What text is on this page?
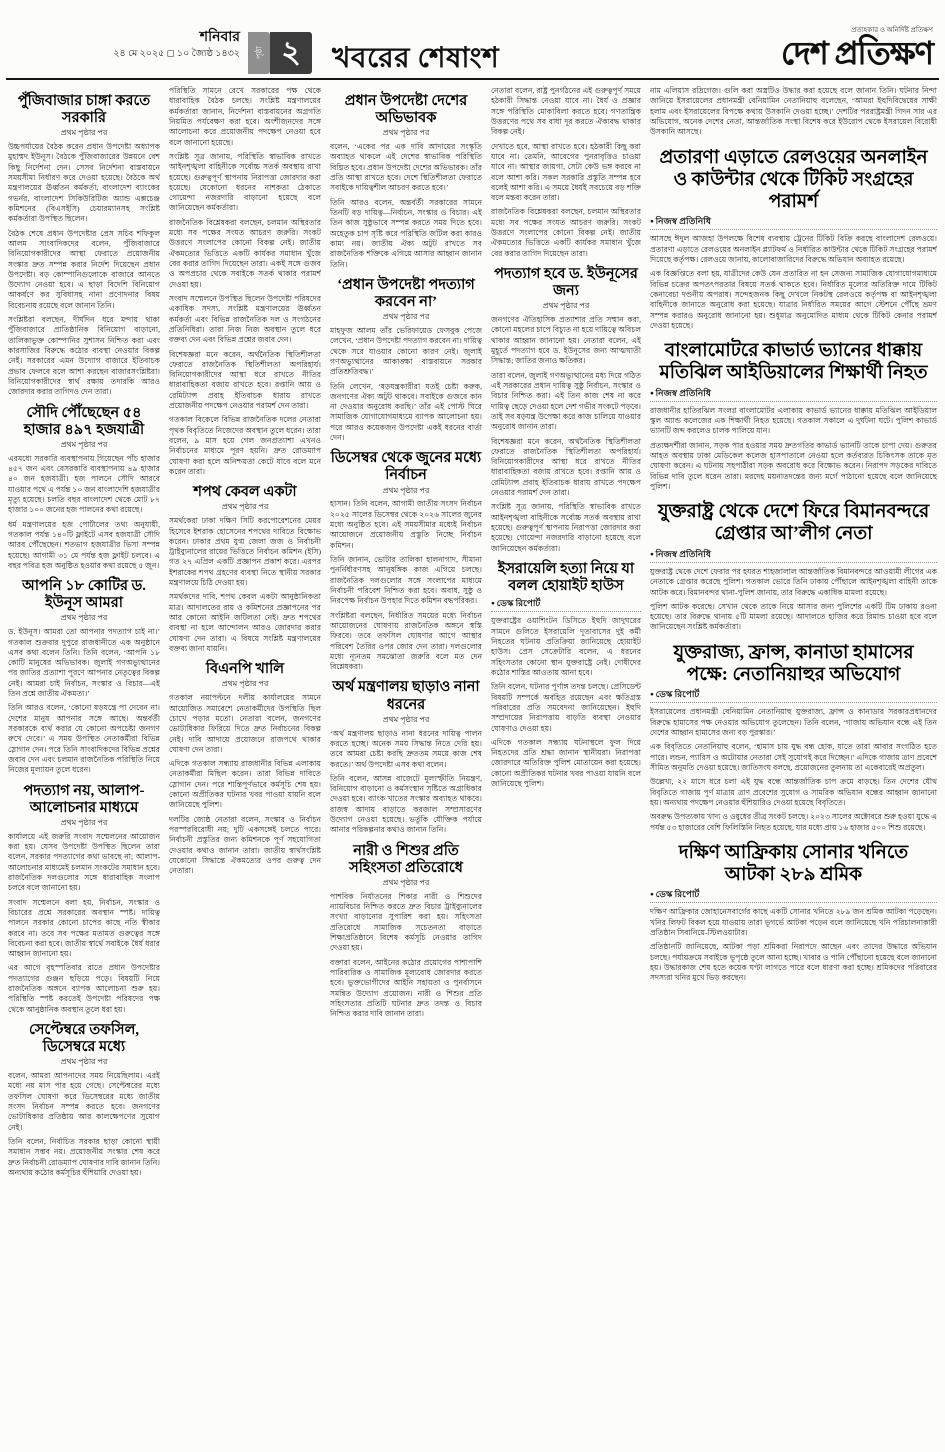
শনিবার
২৪ মে ২০২৫ ◻ ১০ জ্যৈষ্ঠ ১৪৩২	পৃষ্ঠা ২	খবরের শেষাংশ
প্রত্যহকার ও অনির্দিষ্ট প্রতিক্ষণ
দেশ প্রতিক্ষণ
পুঁজিবাজার চাঙ্গা করতে সরকারি
প্রথম পৃষ্ঠার পর
উচ্চপর্যায়ের বৈঠক করেন প্রধান উপদেষ্টা অধ্যাপক মুহাম্মদ ইউনূস। বৈঠকে পুঁজিবাজারের উন্নয়নে বেশ কিছু নির্দেশনা দেন। সেসব নির্দেশনা বাস্তবায়নে সময়সীমা নির্ধারণ করে দেওয়া হয়েছে। বৈঠকে অর্থ মন্ত্রণালয়ের ঊর্ধ্বতন কর্মকর্তা, বাংলাদেশ ব্যাংকের গভর্নর, বাংলাদেশ সিকিউরিটিজ অ্যান্ড এক্সচেঞ্জ কমিশনের (বিএসইসি) চেয়ারম্যানসহ সংশ্লিষ্ট কর্মকর্তারা উপস্থিত ছিলেন।
বৈঠক শেষে প্রধান উপদেষ্টার প্রেস সচিব শফিকুল আলম সাংবাদিকদের বলেন, পুঁজিবাজারে বিনিয়োগকারীদের আস্থা ফেরাতে প্রয়োজনীয় সংস্কার দ্রুত সম্পন্ন করার নির্দেশ দিয়েছেন প্রধান উপদেষ্টা। বড় কোম্পানিগুলোকে বাজারে আনতে উদ্যোগ নেওয়া হবে। এ ছাড়া বিদেশি বিনিয়োগ আকর্ষণে কর সুবিধাসহ নানা প্রণোদনার বিষয় বিবেচনায় রয়েছে বলে জানান তিনি।
সংশ্লিষ্টরা বলছেন, দীর্ঘদিন ধরে মন্দায় থাকা পুঁজিবাজারে প্রাতিষ্ঠানিক বিনিয়োগ বাড়ানো, তালিকাভুক্ত কোম্পানির সুশাসন নিশ্চিত করা এবং কারসাজির বিরুদ্ধে কঠোর ব্যবস্থা নেওয়ার বিকল্প নেই। সরকারের এমন উদ্যোগ বাজারে ইতিবাচক প্রভাব ফেলবে বলে আশা করছেন বাজারসংশ্লিষ্টরা। বিনিয়োগকারীদের স্বার্থ রক্ষায় তদারকি আরও জোরদার করার তাগিদও দেন তারা।
সৌদি পৌঁছেছেন ৫৪ হাজার ৪৯৭ হজযাত্রী
প্রথম পৃষ্ঠার পর
এরমধ্যে সরকারি ব্যবস্থাপনায় গিয়েছেন পাঁচ হাজার ৪৫৭ জন এবং বেসরকারি ব্যবস্থাপনায় ৪৯ হাজার ৪০ জন হজযাত্রী। হজ পালনে সৌদি আরবে যাওয়ার পথে এ পর্যন্ত ১০ জন বাংলাদেশি হজযাত্রীর মৃত্যু হয়েছে। চলতি বছর বাংলাদেশ থেকে মোট ৮৭ হাজার ১০০ জনের হজ পালনের কথা রয়েছে।
ধর্ম মন্ত্রণালয়ের হজ পোর্টালের তথ্য অনুযায়ী, গতকাল পর্যন্ত ১৪০টি ফ্লাইটে এসব হজযাত্রী সৌদি আরব পৌঁছেছেন। শতভাগ হজযাত্রীর ভিসা সম্পন্ন হয়েছে। আগামী ৩১ মে পর্যন্ত হজ ফ্লাইট চলবে। এ বছর পবিত্র হজ অনুষ্ঠিত হওয়ার কথা রয়েছে ৫ জুন।
আপনি ১৮ কোটির ড. ইউনূস আমরা
প্রথম পৃষ্ঠার পর
ড. ইউনূস। আমরা তো আপনার পদত্যাগ চাই না।’ গতকাল শুক্রবার দুপুরে রাজধানীতে এক অনুষ্ঠানে এসব কথা বলেন তিনি। তিনি বলেন, ‘আপনি ১৮ কোটি মানুষের অভিভাবক। জুলাই গণঅভ্যুত্থানের পর জাতির প্রত্যাশা পূরণে আপনার নেতৃত্বের বিকল্প নেই। আমরা চাই নির্বাচন, সংস্কার ও বিচার—এই তিন প্রশ্নে জাতীয় ঐকমত্য।’
তিনি আরও বলেন, ‘কোনো ষড়যন্ত্রে পা দেবেন না। দেশের মানুষ আপনার সঙ্গে আছে। অন্তর্বর্তী সরকারকে ব্যর্থ করার যে কোনো অপচেষ্টা জনগণ রুখে দেবে।’ এ সময় উপস্থিত নেতাকর্মীরা বিভিন্ন স্লোগান দেন। পরে তিনি সাংবাদিকদের বিভিন্ন প্রশ্নের জবাব দেন এবং চলমান রাজনৈতিক পরিস্থিতি নিয়ে নিজের মূল্যায়ন তুলে ধরেন।
পদত্যাগ নয়, আলাপ-আলোচনার মাধ্যমে
প্রথম পৃষ্ঠার পর
কার্যালয়ে এই জরুরি সংবাদ সম্মেলনের আয়োজন করা হয়। যেসব উপদেষ্টা উপস্থিত ছিলেন তারা বলেন, সরকার পদত্যাগের কথা ভাবছে না; আলাপ-আলোচনার মাধ্যমেই চলমান সংকটের সমাধান হবে। রাজনৈতিক দলগুলোর সঙ্গে ধারাবাহিক সংলাপ চলবে বলে জানানো হয়।
সংবাদ সম্মেলনে বলা হয়, নির্বাচন, সংস্কার ও বিচারের প্রশ্নে সরকারের অবস্থান স্পষ্ট। দায়িত্ব পালনে সরকার কোনো চাপের কাছে নতি স্বীকার করবে না। তবে সব পক্ষের মতামত গুরুত্বের সঙ্গে বিবেচনা করা হবে। জাতীয় স্বার্থে সবাইকে ধৈর্য ধরার আহ্বান জানানো হয়।
এর আগে বৃহস্পতিবার রাতে প্রধান উপদেষ্টার পদত্যাগের গুঞ্জন ছড়িয়ে পড়ে। বিষয়টি নিয়ে রাজনৈতিক অঙ্গনে ব্যাপক আলোচনা শুরু হয়। পরিস্থিতি স্পষ্ট করতেই উপদেষ্টা পরিষদের পক্ষ থেকে আনুষ্ঠানিক অবস্থান তুলে ধরা হয়।
সেপ্টেম্বরে তফসিল, ডিসেম্বরে মধ্যে
প্রথম পৃষ্ঠার পর
বলেন, আমরা আপনাদের সময় নিয়েছিলাম। এরই মধ্যে নয় মাস পার হয়ে গেছে। সেপ্টেম্বরের মধ্যে তফসিল ঘোষণা করে ডিসেম্বরের মধ্যে জাতীয় সংসদ নির্বাচন সম্পন্ন করতে হবে। জনগণের ভোটাধিকার প্রতিষ্ঠায় আর কালক্ষেপণের সুযোগ নেই।
তিনি বলেন, নির্বাচিত সরকার ছাড়া কোনো স্থায়ী সমাধান সম্ভব নয়। প্রয়োজনীয় সংস্কার শেষ করে দ্রুত নির্বাচনী রোডম্যাপ ঘোষণার দাবি জানান তিনি। অন্যথায় কঠোর কর্মসূচির হুঁশিয়ারি দেওয়া হয়।
পরিস্থিতি সামনে রেখে সরকারের পক্ষ থেকে ধারাবাহিক বৈঠক চলছে। সংশ্লিষ্ট মন্ত্রণালয়ের কর্মকর্তারা জানান, নির্দেশনা বাস্তবায়নের অগ্রগতি নিয়মিত পর্যবেক্ষণ করা হবে। অংশীজনদের সঙ্গে আলোচনা করে প্রয়োজনীয় পদক্ষেপ নেওয়া হবে বলে জানানো হয়েছে।
সংশ্লিষ্ট সূত্র জানায়, পরিস্থিতি স্বাভাবিক রাখতে আইনশৃঙ্খলা বাহিনীকে সর্বোচ্চ সতর্ক অবস্থায় রাখা হয়েছে। গুরুত্বপূর্ণ স্থাপনায় নিরাপত্তা জোরদার করা হয়েছে। যেকোনো ধরনের নাশকতা ঠেকাতে গোয়েন্দা নজরদারি বাড়ানো হয়েছে বলে জানিয়েছেন কর্মকর্তারা।
রাজনৈতিক বিশ্লেষকরা বলছেন, চলমান অস্থিরতার মধ্যে সব পক্ষের সংযত আচরণ জরুরি। সংকট উত্তরণে সংলাপের কোনো বিকল্প নেই। জাতীয় ঐকমত্যের ভিত্তিতে একটি কার্যকর সমাধান খুঁজে বের করার তাগিদ দিয়েছেন তারা। একই সঙ্গে গুজব ও অপপ্রচার থেকে সবাইকে সতর্ক থাকার পরামর্শ দেওয়া হয়।
সংবাদ সম্মেলনে উপস্থিত ছিলেন উপদেষ্টা পরিষদের একাধিক সদস্য, সংশ্লিষ্ট মন্ত্রণালয়ের ঊর্ধ্বতন কর্মকর্তা এবং বিভিন্ন রাজনৈতিক দল ও সংগঠনের প্রতিনিধিরা। তারা নিজ নিজ অবস্থান তুলে ধরে বক্তব্য দেন এবং বিভিন্ন প্রশ্নের জবাব দেন।
বিশেষজ্ঞরা মনে করেন, অর্থনৈতিক স্থিতিশীলতা ফেরাতে রাজনৈতিক স্থিতিশীলতা অপরিহার্য। বিনিয়োগকারীদের আস্থা ধরে রাখতে নীতির ধারাবাহিকতা বজায় রাখতে হবে। রপ্তানি আয় ও রেমিট্যান্স প্রবাহ ইতিবাচক ধারায় রাখতে প্রয়োজনীয় পদক্ষেপ নেওয়ার পরামর্শ দেন তারা।
গতকাল বিকেলে বিভিন্ন রাজনৈতিক দলের নেতারা পৃথক বিবৃতিতে নিজেদের অবস্থান তুলে ধরেন। তারা বলেন, ৯ মাস হয়ে গেল জনপ্রত্যাশা এখনও নির্বাচনের মাধ্যমে পূরণ হয়নি। দ্রুত রোডম্যাপ ঘোষণা করা হলে অনিশ্চয়তা কেটে যাবে বলে মনে করেন তারা।
শপথ কেবল একটা
প্রথম পৃষ্ঠার পর
সমর্থকেরা ঢাকা দক্ষিণ সিটি করপোরেশনের মেয়র হিসেবে ইশরাক হোসেনের শপথের দাবিতে বিক্ষোভ করেন। ঢাকার প্রথম যুগ্ম জেলা জজ ও নির্বাচনী ট্রাইব্যুনালের রায়ের ভিত্তিতে নির্বাচন কমিশন (ইসি) গত ২৭ এপ্রিল একটি প্রজ্ঞাপন প্রকাশ করে। এরপর ইশরাকের শপথ গ্রহণের ব্যবস্থা নিতে স্থানীয় সরকার মন্ত্রণালয়ে চিঠি দেওয়া হয়।
সমর্থকদের দাবি, শপথ কেবল একটা আনুষ্ঠানিকতা মাত্র। আদালতের রায় ও কমিশনের প্রজ্ঞাপনের পর আর কোনো আইনি জটিলতা নেই। দ্রুত শপথের ব্যবস্থা না হলে আন্দোলন আরও জোরদার করার ঘোষণা দেন তারা। এ বিষয়ে সংশ্লিষ্ট মন্ত্রণালয়ের বক্তব্য জানা যায়নি।
বিএনপি খালি
প্রথম পৃষ্ঠার পর
গতকাল নয়াপল্টনে দলীয় কার্যালয়ের সামনে আয়োজিত সমাবেশে নেতাকর্মীদের উপস্থিতি ছিল চোখে পড়ার মতো। নেতারা বলেন, জনগণের ভোটাধিকার ফিরিয়ে দিতে দ্রুত নির্বাচনের বিকল্প নেই। দাবি আদায়ে প্রয়োজনে রাজপথে থাকার ঘোষণা দেন তারা।
এদিকে গতকাল সন্ধ্যায় রাজধানীর বিভিন্ন এলাকায় নেতাকর্মীরা মিছিল করেন। তারা বিভিন্ন দাবিতে স্লোগান দেন। পরে শান্তিপূর্ণভাবে কর্মসূচি শেষ হয়। কোনো অপ্রীতিকর ঘটনার খবর পাওয়া যায়নি বলে জানিয়েছে পুলিশ।
দলটির জ্যেষ্ঠ নেতারা বলেন, সংস্কার ও নির্বাচন পরস্পরবিরোধী নয়; দুটি একসঙ্গেই চলতে পারে। নির্বাচনী প্রস্তুতির জন্য কমিশনকে পূর্ণ সহযোগিতা দেওয়ার কথাও জানান তারা। জাতীয় স্বার্থসংশ্লিষ্ট যেকোনো সিদ্ধান্তে ঐকমত্যের ওপর গুরুত্ব দেন নেতারা।
প্রধান উপদেষ্টা দেশের অভিভাবক
প্রথম পৃষ্ঠার পর
বলেন, ‘একের পর এক দাবি আদায়ের সংস্কৃতি অব্যাহত থাকলে এই দেশের স্বাভাবিক পরিস্থিতি বিঘ্নিত হবে। প্রধান উপদেষ্টা দেশের অভিভাবক। তাঁর প্রতি আস্থা রাখতে হবে। দেশে স্থিতিশীলতা ফেরাতে সবাইকে দায়িত্বশীল আচরণ করতে হবে।’
তিনি আরও বলেন, অন্তর্বর্তী সরকারের সামনে তিনটি বড় দায়িত্ব—নির্বাচন, সংস্কার ও বিচার। এই তিন কাজ সুষ্ঠুভাবে সম্পন্ন করতে সময় দিতে হবে। অহেতুক চাপ সৃষ্টি করে পরিস্থিতি জটিল করা কারও কাম্য নয়। জাতীয় ঐক্য অটুট রাখতে সব রাজনৈতিক শক্তিকে এগিয়ে আসার আহ্বান জানান তিনি।
‘প্রধান উপদেষ্টা পদত্যাগ করবেন না’
প্রথম পৃষ্ঠার পর
মাহফুজ আলম তাঁর ভেরিফায়েড ফেসবুক পেজে লেখেন, ‘প্রধান উপদেষ্টা পদত্যাগ করবেন না। দায়িত্ব থেকে সরে যাওয়ার কোনো কারণ নেই। জুলাই গণঅভ্যুত্থানের আকাঙ্ক্ষা বাস্তবায়নে সরকার প্রতিশ্রুতিবদ্ধ।’
তিনি লেখেন, ‘ষড়যন্ত্রকারীরা যতই চেষ্টা করুক, জনগণের ঐক্য অটুট থাকবে। সবাইকে গুজবে কান না দেওয়ার অনুরোধ করছি।’ তাঁর এই পোস্ট ঘিরে সামাজিক যোগাযোগমাধ্যমে ব্যাপক আলোচনা হয়। পরে আরও কয়েকজন উপদেষ্টা একই ধরনের বার্তা দেন।
ডিসেম্বর থেকে জুনের মধ্যে নির্বাচন
প্রথম পৃষ্ঠার পর
হাসান। তিনি বলেন, আগামী জাতীয় সংসদ নির্বাচন ২০২৫ সালের ডিসেম্বর থেকে ২০২৬ সালের জুনের মধ্যে অনুষ্ঠিত হবে। এই সময়সীমার মধ্যেই নির্বাচন আয়োজনে প্রয়োজনীয় প্রস্তুতি নিচ্ছে নির্বাচন কমিশন।
তিনি জানান, ভোটার তালিকা হালনাগাদ, সীমানা পুনর্নির্ধারণসহ আনুষঙ্গিক কাজ এগিয়ে চলছে। রাজনৈতিক দলগুলোর সঙ্গে সংলাপের মাধ্যমে নির্বাচনী পরিবেশ নিশ্চিত করা হবে। অবাধ, সুষ্ঠু ও নিরপেক্ষ নির্বাচন উপহার দিতে কমিশন বদ্ধপরিকর।
সংশ্লিষ্টরা বলছেন, নির্ধারিত সময়ের মধ্যে নির্বাচন আয়োজনের ঘোষণায় রাজনৈতিক অঙ্গনে স্বস্তি ফিরবে। তবে তফসিল ঘোষণার আগে আস্থার পরিবেশ তৈরির ওপর জোর দেন তারা। দলগুলোর মধ্যে ন্যূনতম সমঝোতা জরুরি বলে মত দেন বিশ্লেষকরা।
অর্থ মন্ত্রণালয় ছাড়াও নানা ধরনের
প্রথম পৃষ্ঠার পর
‘অর্থ মন্ত্রণালয় ছাড়াও নানা ধরনের দায়িত্ব পালন করতে হচ্ছে। অনেক সময় সিদ্ধান্ত নিতে দেরি হয়। তবে আমরা চেষ্টা করছি দ্রুততম সময়ে কাজ শেষ করতে।’ অর্থ উপদেষ্টা এসব কথা বলেন।
তিনি বলেন, আসন্ন বাজেটে মূল্যস্ফীতি নিয়ন্ত্রণ, বিনিয়োগ বাড়ানো ও কর্মসংস্থান সৃষ্টিতে অগ্রাধিকার দেওয়া হবে। ব্যাংক খাতের সংস্কার অব্যাহত থাকবে। রাজস্ব আদায় বাড়াতে করজাল সম্প্রসারণের উদ্যোগ নেওয়া হয়েছে। ভর্তুকি যৌক্তিক পর্যায়ে আনার পরিকল্পনার কথাও জানান তিনি।
নারী ও শিশুর প্রতি সহিংসতা প্রতিরোধে
প্রথম পৃষ্ঠার পর
পাশবিক নির্যাতনের শিকার নারী ও শিশুদের ন্যায়বিচার নিশ্চিত করতে দ্রুত বিচার ট্রাইব্যুনালের সংখ্যা বাড়ানোর সুপারিশ করা হয়। সহিংসতা প্রতিরোধে সামাজিক সচেতনতা বাড়াতে শিক্ষাপ্রতিষ্ঠানে বিশেষ কর্মসূচি নেওয়ার তাগিদ দেওয়া হয়।
বক্তারা বলেন, আইনের কঠোর প্রয়োগের পাশাপাশি পারিবারিক ও সামাজিক মূল্যবোধ জোরদার করতে হবে। ভুক্তভোগীদের আইনি সহায়তা ও পুনর্বাসনে সমন্বিত উদ্যোগ প্রয়োজন। নারী ও শিশুর প্রতি সহিংসতার প্রতিটি ঘটনার দ্রুত তদন্ত ও বিচার নিশ্চিত করার দাবি জানান তারা।
নেতারা বলেন, রাষ্ট্র পুনর্গঠনের এই গুরুত্বপূর্ণ সময়ে হঠকারী সিদ্ধান্ত নেওয়া যাবে না। ধৈর্য ও প্রজ্ঞার সঙ্গে পরিস্থিতি মোকাবিলা করতে হবে। গণতান্ত্রিক উত্তরণের পথে সব বাধা দূর করতে ঐক্যবদ্ধ থাকার বিকল্প নেই।
দেখাতে হবে, আস্থা রাখতে হবে। হঠকারী কিছু করা যাবে না। তেমনি, আবেগের পুনরাবৃত্তিও চাওয়া যাবে না। আস্থার জায়গা, সেটা কেউ ভঙ্গ করবে না বলে আশা করি। সকল সরকারি প্রস্তুতি সম্পন্ন হবে বলেই আশা করি। এ সময়ে ধৈর্যই সবচেয়ে বড় শক্তি বলে মন্তব্য করেন তারা।
রাজনৈতিক বিশ্লেষকরা বলছেন, চলমান অস্থিরতার মধ্যে সব পক্ষের সংযত আচরণ জরুরি। সংকট উত্তরণে সংলাপের কোনো বিকল্প নেই। জাতীয় ঐকমত্যের ভিত্তিতে একটি কার্যকর সমাধান খুঁজে বের করার তাগিদ দিয়েছেন তারা।
পদত্যাগ হবে ড. ইউনূসের জন্য
প্রথম পৃষ্ঠার পর
জনগণের ঐতিহাসিক প্রত্যাশার প্রতি সম্মান করা, কোনো মহলের চাপে বিচ্যুত না হয়ে দায়িত্বে অবিচল থাকার আহ্বান জানানো হয়। নেতারা বলেন, এই মুহূর্তে পদত্যাগ হবে ড. ইউনূসের জন্য আত্মঘাতী সিদ্ধান্ত; জাতির জন্যও ক্ষতিকর।
তারা বলেন, জুলাই গণঅভ্যুত্থানের মধ্য দিয়ে গঠিত এই সরকারের প্রধান দায়িত্ব সুষ্ঠু নির্বাচন, সংস্কার ও বিচার নিশ্চিত করা। এই তিন কাজ শেষ না করে দায়িত্ব ছেড়ে দেওয়া হলে দেশ গভীর সংকটে পড়বে। তাই সব ষড়যন্ত্র উপেক্ষা করে কাজ চালিয়ে যাওয়ার অনুরোধ জানান তারা।
বিশেষজ্ঞরা মনে করেন, অর্থনৈতিক স্থিতিশীলতা ফেরাতে রাজনৈতিক স্থিতিশীলতা অপরিহার্য। বিনিয়োগকারীদের আস্থা ধরে রাখতে নীতির ধারাবাহিকতা বজায় রাখতে হবে। রপ্তানি আয় ও রেমিট্যান্স প্রবাহ ইতিবাচক ধারায় রাখতে পদক্ষেপ নেওয়ার পরামর্শ দেন তারা।
সংশ্লিষ্ট সূত্র জানায়, পরিস্থিতি স্বাভাবিক রাখতে আইনশৃঙ্খলা বাহিনীকে সর্বোচ্চ সতর্ক অবস্থায় রাখা হয়েছে। গুরুত্বপূর্ণ স্থাপনায় নিরাপত্তা জোরদার করা হয়েছে। গোয়েন্দা নজরদারি বাড়ানো হয়েছে বলে জানিয়েছেন কর্মকর্তারা।
ইসরায়েলি হত্যা নিয়ে যা বলল হোয়াইট হাউস
● ডেস্ক রিপোর্ট
যুক্তরাষ্ট্রের ওয়াশিংটন ডিসিতে ইহুদি জাদুঘরের সামনে গুলিতে ইসরায়েলি দূতাবাসের দুই কর্মী নিহতের ঘটনায় প্রতিক্রিয়া জানিয়েছে হোয়াইট হাউস। প্রেস সেক্রেটারি বলেন, এ ধরনের সহিংসতার কোনো স্থান যুক্তরাষ্ট্রে নেই। দোষীদের কঠোর শাস্তির আওতায় আনা হবে।
তিনি বলেন, ঘটনার পূর্ণাঙ্গ তদন্ত চলছে। প্রেসিডেন্ট বিষয়টি সম্পর্কে অবহিত রয়েছেন এবং ক্ষতিগ্রস্ত পরিবারের প্রতি সমবেদনা জানিয়েছেন। ইহুদি সম্প্রদায়ের নিরাপত্তায় বাড়তি ব্যবস্থা নেওয়ার ঘোষণাও দেওয়া হয়।
এদিকে গতকাল সন্ধ্যায় ঘটনাস্থলে ফুল দিয়ে নিহতদের প্রতি শ্রদ্ধা জানান স্থানীয়রা। নিরাপত্তা জোরদারে অতিরিক্ত পুলিশ মোতায়েন করা হয়েছে। কোনো অপ্রীতিকর ঘটনার খবর পাওয়া যায়নি বলে জানিয়েছে পুলিশ।
নাম এলিয়াস রদ্রিগেজ। গুলি করা অস্ত্রটিও উদ্ধার করা হয়েছে বলে জানান তিনি। ঘটনার নিন্দা জানিয়ে ইসরায়েলের প্রধানমন্ত্রী বেনিয়ামিন নেতানিয়াহু বলেছেন, ‘আমরা ইহুদিবিদ্বেষের সাক্ষী হলাম এবং ইসরায়েলের বিপক্ষে কথায় উসকানি দেওয়া হচ্ছে।’ দেশটির পররাষ্ট্রমন্ত্রী গিদন সার এর অভিযোগ, অনেক দেশের নেতা, আন্তর্জাতিক সংস্থা বিশেষ করে ইউরোপ থেকে ইসরায়েল বিরোধী উসকানি আসছে।
প্রতারণা এড়াতে রেলওয়ের অনলাইন ও কাউন্টার থেকে টিকিট সংগ্রহের পরামর্শ
● নিজস্ব প্রতিনিধি
আসছে ঈদুল আজহা উপলক্ষে বিশেষ ব্যবস্থায় ট্রেনের টিকিট বিক্রি করছে বাংলাদেশ রেলওয়ে। প্রতারণা এড়াতে রেলওয়ের অনলাইন প্ল্যাটফর্ম ও নির্ধারিত কাউন্টার থেকে টিকিট সংগ্রহের পরামর্শ দিয়েছে কর্তৃপক্ষ। রেলওয়ে জানায়, কালোবাজারিদের বিরুদ্ধে অভিযান অব্যাহত রয়েছে।
এক বিজ্ঞপ্তিতে বলা হয়, যাত্রীদের কেউ যেন প্রতারিত না হন সেজন্য সামাজিক যোগাযোগমাধ্যমে বিভিন্ন চক্রের অপতৎপরতার বিষয়ে সতর্ক থাকতে হবে। নির্ধারিত মূল্যের অতিরিক্ত দামে টিকিট কেনাবেচা দণ্ডনীয় অপরাধ। সন্দেহজনক কিছু দেখলে নিকটস্থ রেলওয়ে কর্তৃপক্ষ বা আইনশৃঙ্খলা বাহিনীকে জানাতে অনুরোধ করা হয়েছে। যাত্রার নির্ধারিত সময়ের আগে স্টেশনে পৌঁছে ভ্রমণ সম্পন্ন করারও অনুরোধ জানানো হয়। শুধুমাত্র অনুমোদিত মাধ্যম থেকে টিকিট কেনার পরামর্শ দেওয়া হয়েছে।
বাংলামোটরে কাভার্ড ভ্যানের ধাক্কায় মতিঝিল আইডিয়ালের শিক্ষার্থী নিহত
● নিজস্ব প্রতিনিধি
রাজধানীর হাতিরঝিল সংলগ্ন বাংলামোটর এলাকায় কাভার্ড ভ্যানের ধাক্কায় মতিঝিল আইডিয়াল স্কুল অ্যান্ড কলেজের এক শিক্ষার্থী নিহত হয়েছে। গতকাল সকালে এ দুর্ঘটনা ঘটে। পুলিশ কাভার্ড ভ্যানটি জব্দ করলেও চালক পালিয়ে যান।
প্রত্যক্ষদর্শীরা জানান, সড়ক পার হওয়ার সময় দ্রুতগতির কাভার্ড ভ্যানটি তাকে চাপা দেয়। গুরুতর আহত অবস্থায় ঢাকা মেডিকেল কলেজ হাসপাতালে নেওয়া হলে কর্তব্যরত চিকিৎসক তাকে মৃত ঘোষণা করেন। এ ঘটনায় সহপাঠীরা সড়ক অবরোধ করে বিক্ষোভ করেন। নিরাপদ সড়কের দাবিতে বিভিন্ন দাবি তুলে ধরেন তারা। মরদেহ ময়নাতদন্তের জন্য মর্গে পাঠানো হয়েছে বলে জানিয়েছে পুলিশ।
যুক্তরাষ্ট্র থেকে দেশে ফিরে বিমানবন্দরে গ্রেপ্তার আ’লীগ নেতা
● নিজস্ব প্রতিনিধি
যুক্তরাষ্ট্র থেকে দেশে ফেরার পর হযরত শাহজালাল আন্তর্জাতিক বিমানবন্দরে আওয়ামী লীগের এক নেতাকে গ্রেপ্তার করেছে পুলিশ। গতকাল ভোরে তিনি ঢাকায় পৌঁছালে আইনশৃঙ্খলা বাহিনী তাকে আটক করে। বিমানবন্দর থানা-পুলিশ জানায়, তার বিরুদ্ধে একাধিক মামলা রয়েছে।
পুলিশ আটক করেছে। সেখান থেকে তাকে নিয়ে আসার জন্য পুলিশের একটি টিম ঢাকায় রওনা হয়েছে। তার বিরুদ্ধে থানায় ৫টি মামলা রয়েছে। আদালতে হাজির করে রিমান্ড চাওয়া হবে বলে জানিয়েছেন সংশ্লিষ্ট কর্মকর্তারা।
যুক্তরাজ্য, ফ্রান্স, কানাডা হামাসের পক্ষে: নেতানিয়াহুর অভিযোগ
● ডেস্ক রিপোর্ট
ইসরায়েলের প্রধানমন্ত্রী বেনিয়ামিন নেতানিয়াহু যুক্তরাজ্য, ফ্রান্স ও কানাডার সরকারপ্রধানদের বিরুদ্ধে হামাসের পক্ষ নেওয়ার অভিযোগ তুলেছেন। তিনি বলেন, ‘গাজায় অভিযান বন্ধে এই তিন দেশের আহ্বান হামাসের জন্য বড় পুরস্কার।’
এক বিবৃতিতে নেতানিয়াহু বলেন, ‘হামাস চায় যুদ্ধ বন্ধ হোক, যাতে তারা আবার সংগঠিত হতে পারে। লন্ডন, প্যারিস ও অটোয়ার নেতারা সেই সুযোগই করে দিচ্ছেন।’ এদিকে গাজায় ত্রাণ প্রবেশে সীমিত অনুমতি দেওয়া হয়েছে। জাতিসংঘ বলছে, প্রয়োজনের তুলনায় তা একেবারেই অপ্রতুল।
উল্লেখ্য, ২২ মাসে ধরে চলা এই যুদ্ধ বন্ধে আন্তর্জাতিক চাপ ক্রমে বাড়ছে। তিন দেশের যৌথ বিবৃতিতে গাজায় পূর্ণ মাত্রায় ত্রাণ প্রবেশের সুযোগ ও সামরিক অভিযান বন্ধের আহ্বান জানানো হয়। অন্যথায় পদক্ষেপ নেওয়ার হুঁশিয়ারিও দেওয়া হয়েছে বিবৃতিতে।
অবরুদ্ধ উপত্যকায় খাদ্য ও ওষুধের তীব্র সংকট চলছে। ২০২৩ সালের অক্টোবরে শুরু হওয়া যুদ্ধে এ পর্যন্ত ৫৩ হাজারের বেশি ফিলিস্তিনি নিহত হয়েছে, যার মধ্যে প্রায় ১৬ হাজার ৫০০ শিশু রয়েছে।
দক্ষিণ আফ্রিকায় সোনার খনিতে আটকা ২৮৯ শ্রমিক
● ডেস্ক রিপোর্ট
দক্ষিণ আফ্রিকার জোহানেসবার্গের কাছে একটি সোনার খনিতে ২৮৯ জন শ্রমিক আটকা পড়েছেন। খনির লিফট বিকল হয়ে যাওয়ায় তারা ভূগর্ভে আটকা পড়েন বলে জানিয়েছে খনি পরিচালনাকারী প্রতিষ্ঠান সিবানিয়ে-স্টিলওয়াটার।
প্রতিষ্ঠানটি জানিয়েছে, আটকা পড়া শ্রমিকরা নিরাপদে আছেন এবং তাদের উদ্ধারে অভিযান চলছে। পর্যায়ক্রমে সবাইকে ভূপৃষ্ঠে তুলে আনা হচ্ছে। খাবার ও পানি পৌঁছানো হয়েছে বলে জানানো হয়। উদ্ধারকাজ শেষ হতে কয়েক ঘণ্টা লাগতে পারে বলে ধারণা করা হচ্ছে। শ্রমিকদের পরিবারের সদস্যরা খনির মুখে ভিড় করছেন।
